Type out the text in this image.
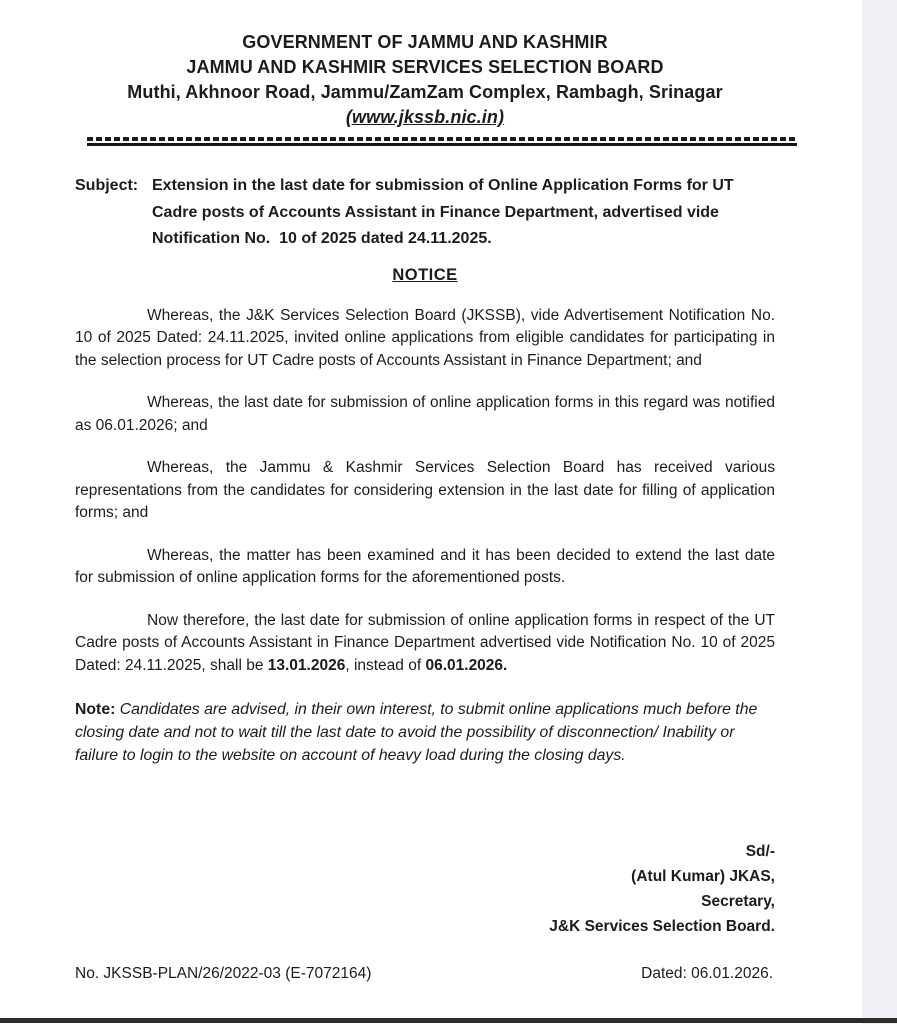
GOVERNMENT OF JAMMU AND KASHMIR
JAMMU AND KASHMIR SERVICES SELECTION BOARD
Muthi, Akhnoor Road, Jammu/ZamZam Complex, Rambagh, Srinagar
(www.jkssb.nic.in)
Subject: Extension in the last date for submission of Online Application Forms for UT Cadre posts of Accounts Assistant in Finance Department, advertised vide Notification No.  10 of 2025 dated 24.11.2025.
NOTICE

Whereas, the J&K Services Selection Board (JKSSB), vide Advertisement Notification No. 10 of 2025 Dated: 24.11.2025, invited online applications from eligible candidates for participating in the selection process for UT Cadre posts of Accounts Assistant in Finance Department; and

Whereas, the last date for submission of online application forms in this regard was notified as 06.01.2026; and

Whereas, the Jammu & Kashmir Services Selection Board has received various representations from the candidates for considering extension in the last date for filling of application forms; and

Whereas, the matter has been examined and it has been decided to extend the last date for submission of online application forms for the aforementioned posts.

Now therefore, the last date for submission of online application forms in respect of the UT Cadre posts of Accounts Assistant in Finance Department advertised vide Notification No. 10 of 2025 Dated: 24.11.2025, shall be 13.01.2026, instead of 06.01.2026.

Note: Candidates are advised, in their own interest, to submit online applications much before the closing date and not to wait till the last date to avoid the possibility of disconnection/ Inability or failure to login to the website on account of heavy load during the closing days.

Sd/-
(Atul Kumar) JKAS,
Secretary,
J&K Services Selection Board.
No. JKSSB-PLAN/26/2022-03 (E-7072164)	Dated: 06.01.2026.
